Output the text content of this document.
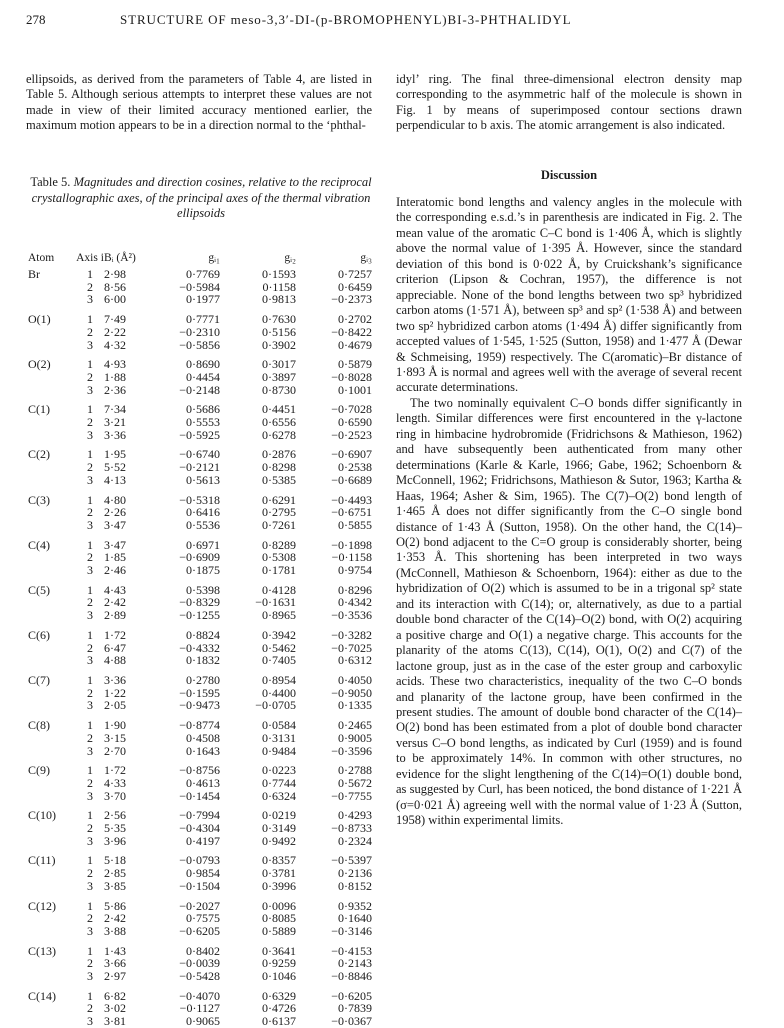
278	STRUCTURE OF meso-3,3′-DI-(p-BROMOPHENYL)BI-3-PHTHALIDYL

ellipsoids, as derived from the parameters of Table 4, are listed in Table 5. Although serious attempts to interpret these values are not made in view of their limited accuracy mentioned earlier, the maximum motion appears to be in a direction normal to the ‘phthal-

idyl’ ring. The final three-dimensional electron density map corresponding to the asymmetric half of the molecule is shown in Fig. 1 by means of superimposed contour sections drawn perpendicular to b axis. The atomic arrangement is also indicated.

Table 5. Magnitudes and direction cosines, relative to the reciprocal crystallographic axes, of the principal axes of the thermal vibration ellipsoids
Atom	Axis i	Bᵢ (Å²)	gᵢ₁	gᵢ₂	gᵢ₃
Br	1	2·98	0·7769	0·1593	0·7257
	2	8·56	−0·5984	0·1158	0·6459
	3	6·00	0·1977	0·9813	−0·2373
O(1)	1	7·49	0·7771	0·7630	0·2702
	2	2·22	−0·2310	0·5156	−0·8422
	3	4·32	−0·5856	0·3902	0·4679
O(2)	1	4·93	0·8690	0·3017	0·5879
	2	1·88	0·4454	0·3897	−0·8028
	3	2·36	−0·2148	0·8730	0·1001
C(1)	1	7·34	0·5686	0·4451	−0·7028
	2	3·21	0·5553	0·6556	0·6590
	3	3·36	−0·5925	0·6278	−0·2523
C(2)	1	1·95	−0·6740	0·2876	−0·6907
	2	5·52	−0·2121	0·8298	0·2538
	3	4·13	0·5613	0·5385	−0·6689
C(3)	1	4·80	−0·5318	0·6291	−0·4493
	2	2·26	0·6416	0·2795	−0·6751
	3	3·47	0·5536	0·7261	0·5855
C(4)	1	3·47	0·6971	0·8289	−0·1898
	2	1·85	−0·6909	0·5308	−0·1158
	3	2·46	0·1875	0·1781	0·9754
C(5)	1	4·43	0·5398	0·4128	0·8296
	2	2·42	−0·8329	−0·1631	0·4342
	3	2·89	−0·1255	0·8965	−0·3536
C(6)	1	1·72	0·8824	0·3942	−0·3282
	2	6·47	−0·4332	0·5462	−0·7025
	3	4·88	0·1832	0·7405	0·6312
C(7)	1	3·36	0·2780	0·8954	0·4050
	2	1·22	−0·1595	0·4400	−0·9050
	3	2·05	−0·9473	−0·0705	0·1335
C(8)	1	1·90	−0·8774	0·0584	0·2465
	2	3·15	0·4508	0·3131	0·9005
	3	2·70	0·1643	0·9484	−0·3596
C(9)	1	1·72	−0·8756	0·0223	0·2788
	2	4·33	0·4613	0·7744	0·5672
	3	3·70	−0·1454	0·6324	−0·7755
C(10)	1	2·56	−0·7994	0·0219	0·4293
	2	5·35	−0·4304	0·3149	−0·8733
	3	3·96	0·4197	0·9492	0·2324
C(11)	1	5·18	−0·0793	0·8357	−0·5397
	2	2·85	0·9854	0·3781	0·2136
	3	3·85	−0·1504	0·3996	0·8152
C(12)	1	5·86	−0·2027	0·0096	0·9352
	2	2·42	0·7575	0·8085	0·1640
	3	3·88	−0·6205	0·5889	−0·3146
C(13)	1	1·43	0·8402	0·3641	−0·4153
	2	3·66	−0·0039	0·9259	0·2143
	3	2·97	−0·5428	0·1046	−0·8846
C(14)	1	6·82	−0·4070	0·6329	−0·6205
	2	3·02	−0·1127	0·4726	0·7839
	3	3·81	0·9065	0·6137	−0·0367
Discussion

Interatomic bond lengths and valency angles in the molecule with the corresponding e.s.d.’s in parenthesis are indicated in Fig. 2. The mean value of the aromatic C–C bond is 1·406 Å, which is slightly above the normal value of 1·395 Å. However, since the standard deviation of this bond is 0·022 Å, by Cruickshank’s significance criterion (Lipson & Cochran, 1957), the difference is not appreciable. None of the bond lengths between two sp³ hybridized carbon atoms (1·571 Å), between sp³ and sp² (1·538 Å) and between two sp² hybridized carbon atoms (1·494 Å) differ significantly from accepted values of 1·545, 1·525 (Sutton, 1958) and 1·477 Å (Dewar & Schmeising, 1959) respectively. The C(aromatic)–Br distance of 1·893 Å is normal and agrees well with the average of several recent accurate determinations.

The two nominally equivalent C–O bonds differ significantly in length. Similar differences were first encountered in the γ-lactone ring in himbacine hydrobromide (Fridrichsons & Mathieson, 1962) and have subsequently been authenticated from many other determinations (Karle & Karle, 1966; Gabe, 1962; Schoenborn & McConnell, 1962; Fridrichsons, Mathieson & Sutor, 1963; Kartha & Haas, 1964; Asher & Sim, 1965). The C(7)–O(2) bond length of 1·465 Å does not differ significantly from the C–O single bond distance of 1·43 Å (Sutton, 1958). On the other hand, the C(14)–O(2) bond adjacent to the C=O group is considerably shorter, being 1·353 Å. This shortening has been interpreted in two ways (McConnell, Mathieson & Schoenborn, 1964): either as due to the hybridization of O(2) which is assumed to be in a trigonal sp² state and its interaction with C(14); or, alternatively, as due to a partial double bond character of the C(14)–O(2) bond, with O(2) acquiring a positive charge and O(1) a negative charge. This accounts for the planarity of the atoms C(13), C(14), O(1), O(2) and C(7) of the lactone group, just as in the case of the ester group and carboxylic acids. These two characteristics, inequality of the two C–O bonds and planarity of the lactone group, have been confirmed in the present studies. The amount of double bond character of the C(14)–O(2) bond has been estimated from a plot of double bond character versus C–O bond lengths, as indicated by Curl (1959) and is found to be approximately 14%. In common with other structures, no evidence for the slight lengthening of the C(14)=O(1) double bond, as suggested by Curl, has been noticed, the bond distance of 1·221 Å (σ=0·021 Å) agreeing well with the normal value of 1·23 Å (Sutton, 1958) within experimental limits.
